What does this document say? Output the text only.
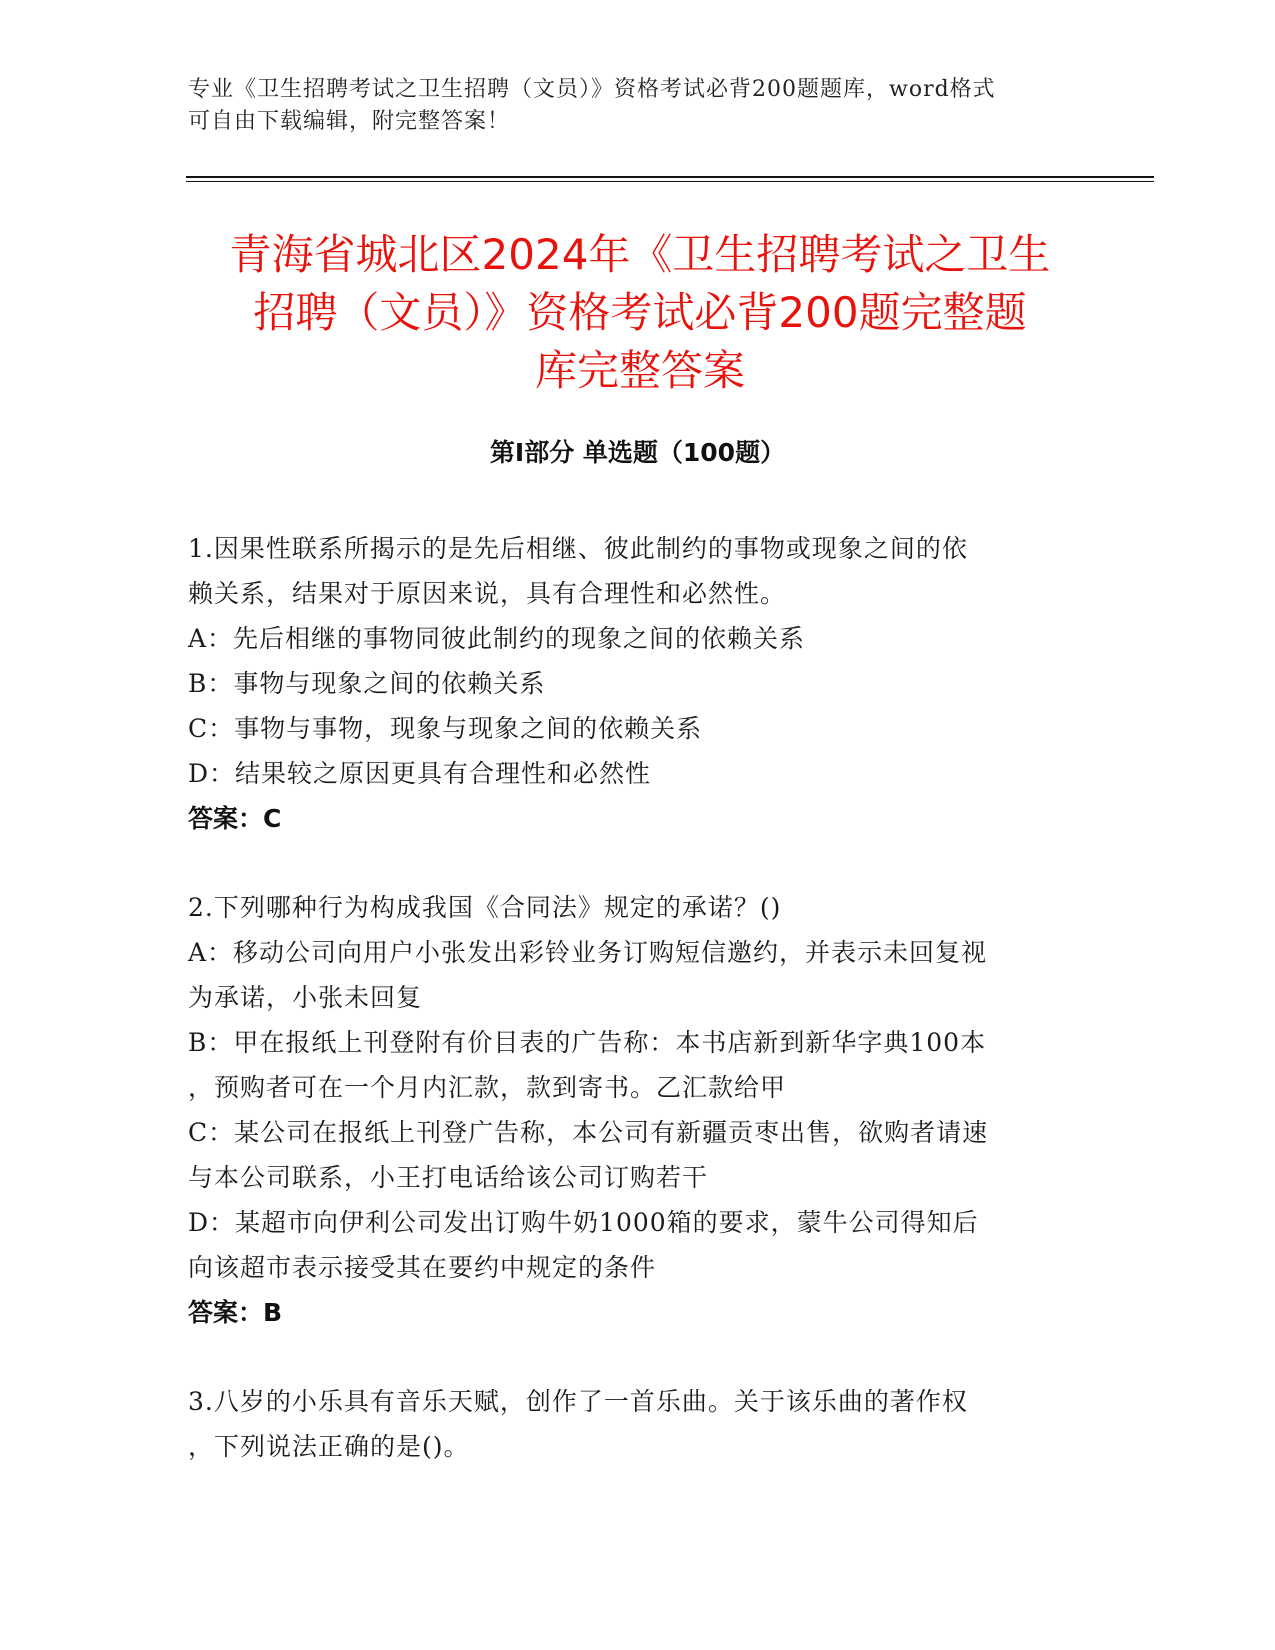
专业《卫生招聘考试之卫生招聘（文员）》资格考试必背200题题库，word格式
可自由下载编辑，附完整答案！
青海省城北区2024年《卫生招聘考试之卫生
招聘（文员）》资格考试必背200题完整题
库完整答案
第Ⅰ部分 单选题（100题）

1.因果性联系所揭示的是先后相继、彼此制约的事物或现象之间的依

赖关系，结果对于原因来说，具有合理性和必然性。

A：先后相继的事物同彼此制约的现象之间的依赖关系

B：事物与现象之间的依赖关系

C：事物与事物，现象与现象之间的依赖关系

D：结果较之原因更具有合理性和必然性

答案：C

2.下列哪种行为构成我国《合同法》规定的承诺？()

A：移动公司向用户小张发出彩铃业务订购短信邀约，并表示未回复视

为承诺，小张未回复

B：甲在报纸上刊登附有价目表的广告称：本书店新到新华字典100本

，预购者可在一个月内汇款，款到寄书。乙汇款给甲

C：某公司在报纸上刊登广告称，本公司有新疆贡枣出售，欲购者请速

与本公司联系，小王打电话给该公司订购若干

D：某超市向伊利公司发出订购牛奶1000箱的要求，蒙牛公司得知后

向该超市表示接受其在要约中规定的条件

答案：B

3.八岁的小乐具有音乐天赋，创作了一首乐曲。关于该乐曲的著作权

，下列说法正确的是()。
